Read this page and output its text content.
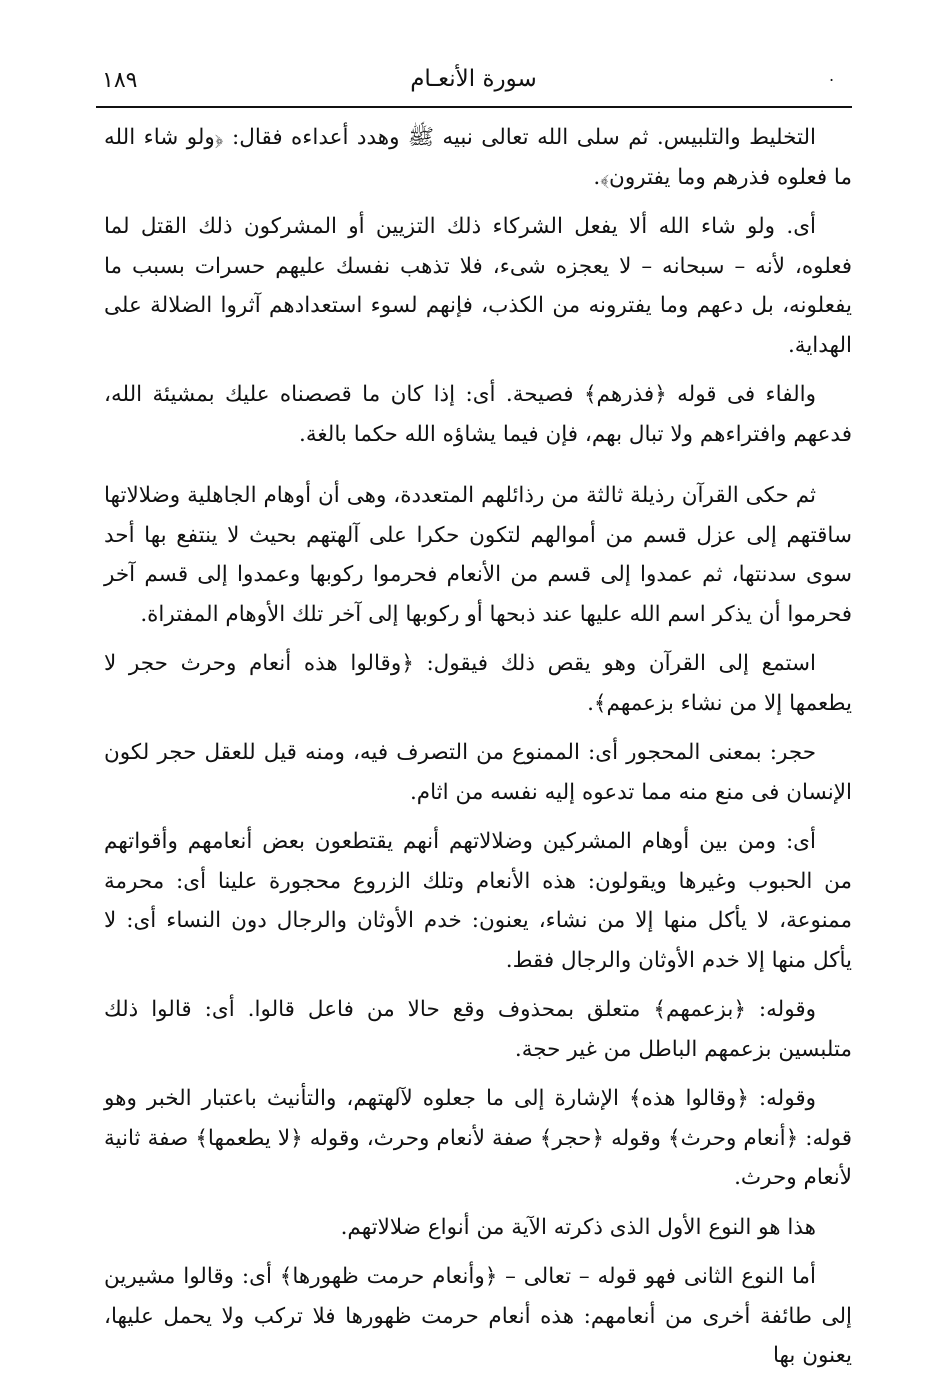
.
١٨٩	سورة الأنعـام

التخليط والتلبيس. ثم سلى الله تعالى نبيه ﷺ وهدد أعداءه فقال: ﴿ولو شاء الله ما فعلوه فذرهم وما يفترون﴾.

أى. ولو شاء الله ألا يفعل الشركاء ذلك التزيين أو المشركون ذلك القتل لما فعلوه، لأنه – سبحانه – لا يعجزه شىء، فلا تذهب نفسك عليهم حسرات بسبب ما يفعلونه، بل دعهم وما يفترونه من الكذب، فإنهم لسوء استعدادهم آثروا الضلالة على الهداية.

والفاء فى قوله ﴿فذرهم﴾ فصيحة. أى: إذا كان ما قصصناه عليك بمشيئة الله، فدعهم وافتراءهم ولا تبال بهم، فإن فيما يشاؤه الله حكما بالغة.

ثم حكى القرآن رذيلة ثالثة من رذائلهم المتعددة، وهى أن أوهام الجاهلية وضلالاتها ساقتهم إلى عزل قسم من أموالهم لتكون حكرا على آلهتهم بحيث لا ينتفع بها أحد سوى سدنتها، ثم عمدوا إلى قسم من الأنعام فحرموا ركوبها وعمدوا إلى قسم آخر فحرموا أن يذكر اسم الله عليها عند ذبحها أو ركوبها إلى آخر تلك الأوهام المفتراة.

استمع إلى القرآن وهو يقص ذلك فيقول: ﴿وقالوا هذه أنعام وحرث حجر لا يطعمها إلا من نشاء بزعمهم﴾.

حجر: بمعنى المحجور أى: الممنوع من التصرف فيه، ومنه قيل للعقل حجر لكون الإنسان فى منع منه مما تدعوه إليه نفسه من اثام.

أى: ومن بين أوهام المشركين وضلالاتهم أنهم يقتطعون بعض أنعامهم وأقواتهم من الحبوب وغيرها ويقولون: هذه الأنعام وتلك الزروع محجورة علينا أى: محرمة ممنوعة، لا يأكل منها إلا من نشاء، يعنون: خدم الأوثان والرجال دون النساء أى: لا يأكل منها إلا خدم الأوثان والرجال فقط.

وقوله: ﴿بزعمهم﴾ متعلق بمحذوف وقع حالا من فاعل قالوا. أى: قالوا ذلك متلبسين بزعمهم الباطل من غير حجة.

وقوله: ﴿وقالوا هذه﴾ الإشارة إلى ما جعلوه لآلهتهم، والتأنيث باعتبار الخبر وهو قوله: ﴿أنعام وحرث﴾ وقوله ﴿حجر﴾ صفة لأنعام وحرث، وقوله ﴿لا يطعمها﴾ صفة ثانية لأنعام وحرث.

هذا هو النوع الأول الذى ذكرته الآية من أنواع ضلالاتهم.

أما النوع الثانى فهو قوله – تعالى – ﴿وأنعام حرمت ظهورها﴾ أى: وقالوا مشيرين إلى طائفة أخرى من أنعامهم: هذه أنعام حرمت ظهورها فلا تركب ولا يحمل عليها، يعنون بها
